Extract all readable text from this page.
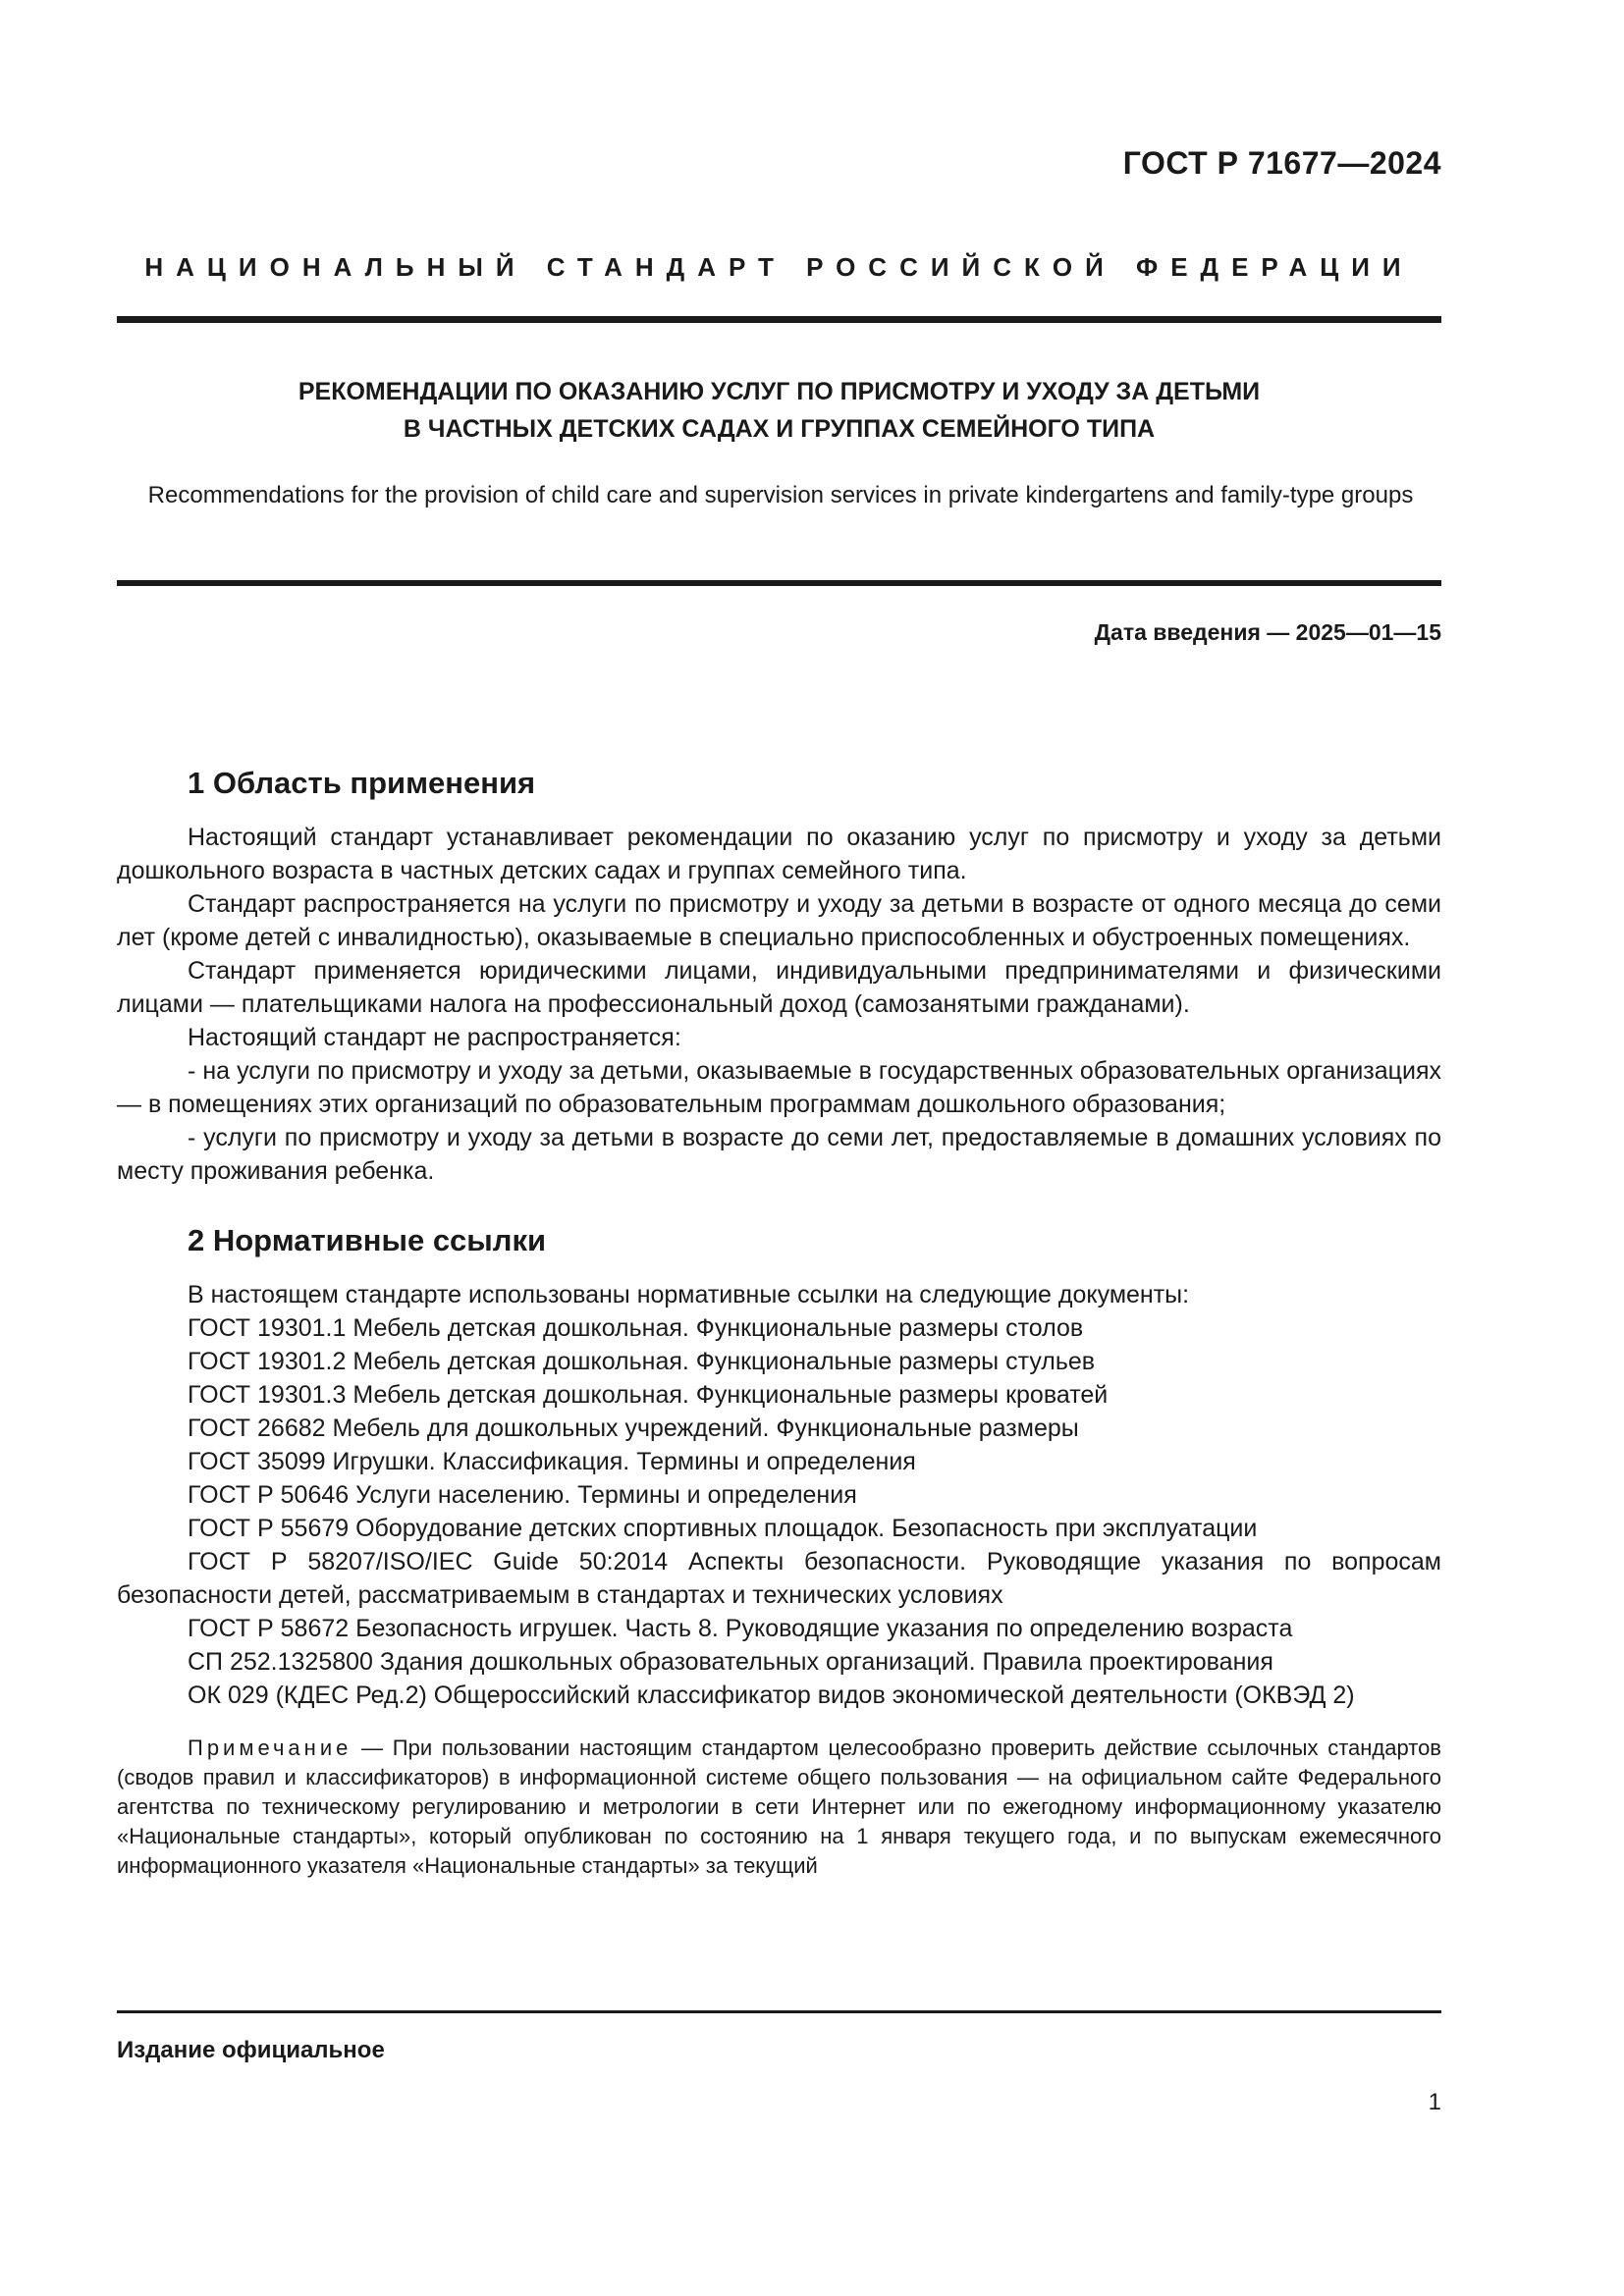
ГОСТ Р 71677—2024
НАЦИОНАЛЬНЫЙ СТАНДАРТ РОССИЙСКОЙ ФЕДЕРАЦИИ
РЕКОМЕНДАЦИИ ПО ОКАЗАНИЮ УСЛУГ ПО ПРИСМОТРУ И УХОДУ ЗА ДЕТЬМИ
В ЧАСТНЫХ ДЕТСКИХ САДАХ И ГРУППАХ СЕМЕЙНОГО ТИПА
Recommendations for the provision of child care and supervision services in private kindergartens and family-type groups
Дата введения — 2025—01—15
1 Область применения

Настоящий стандарт устанавливает рекомендации по оказанию услуг по присмотру и уходу за детьми дошкольного возраста в частных детских садах и группах семейного типа.

Стандарт распространяется на услуги по присмотру и уходу за детьми в возрасте от одного месяца до семи лет (кроме детей с инвалидностью), оказываемые в специально приспособленных и обустроенных помещениях.

Стандарт применяется юридическими лицами, индивидуальными предпринимателями и физическими лицами — плательщиками налога на профессиональный доход (самозанятыми гражданами).

Настоящий стандарт не распространяется:

- на услуги по присмотру и уходу за детьми, оказываемые в государственных образовательных организациях — в помещениях этих организаций по образовательным программам дошкольного образования;

- услуги по присмотру и уходу за детьми в возрасте до семи лет, предоставляемые в домашних условиях по месту проживания ребенка.

2 Нормативные ссылки

В настоящем стандарте использованы нормативные ссылки на следующие документы:

ГОСТ 19301.1 Мебель детская дошкольная. Функциональные размеры столов

ГОСТ 19301.2 Мебель детская дошкольная. Функциональные размеры стульев

ГОСТ 19301.3 Мебель детская дошкольная. Функциональные размеры кроватей

ГОСТ 26682 Мебель для дошкольных учреждений. Функциональные размеры

ГОСТ 35099 Игрушки. Классификация. Термины и определения

ГОСТ Р 50646 Услуги населению. Термины и определения

ГОСТ Р 55679 Оборудование детских спортивных площадок. Безопасность при эксплуатации

ГОСТ Р 58207/ISO/IEC Guide 50:2014 Аспекты безопасности. Руководящие указания по вопросам безопасности детей, рассматриваемым в стандартах и технических условиях

ГОСТ Р 58672 Безопасность игрушек. Часть 8. Руководящие указания по определению возраста

СП 252.1325800 Здания дошкольных образовательных организаций. Правила проектирования

ОК 029 (КДЕС Ред.2) Общероссийский классификатор видов экономической деятельности (ОКВЭД 2)

Примечание — При пользовании настоящим стандартом целесообразно проверить действие ссылочных стандартов (сводов правил и классификаторов) в информационной системе общего пользования — на официальном сайте Федерального агентства по техническому регулированию и метрологии в сети Интернет или по ежегодному информационному указателю «Национальные стандарты», который опубликован по состоянию на 1 января текущего года, и по выпускам ежемесячного информационного указателя «Национальные стандарты» за текущий

Издание официальное
1
